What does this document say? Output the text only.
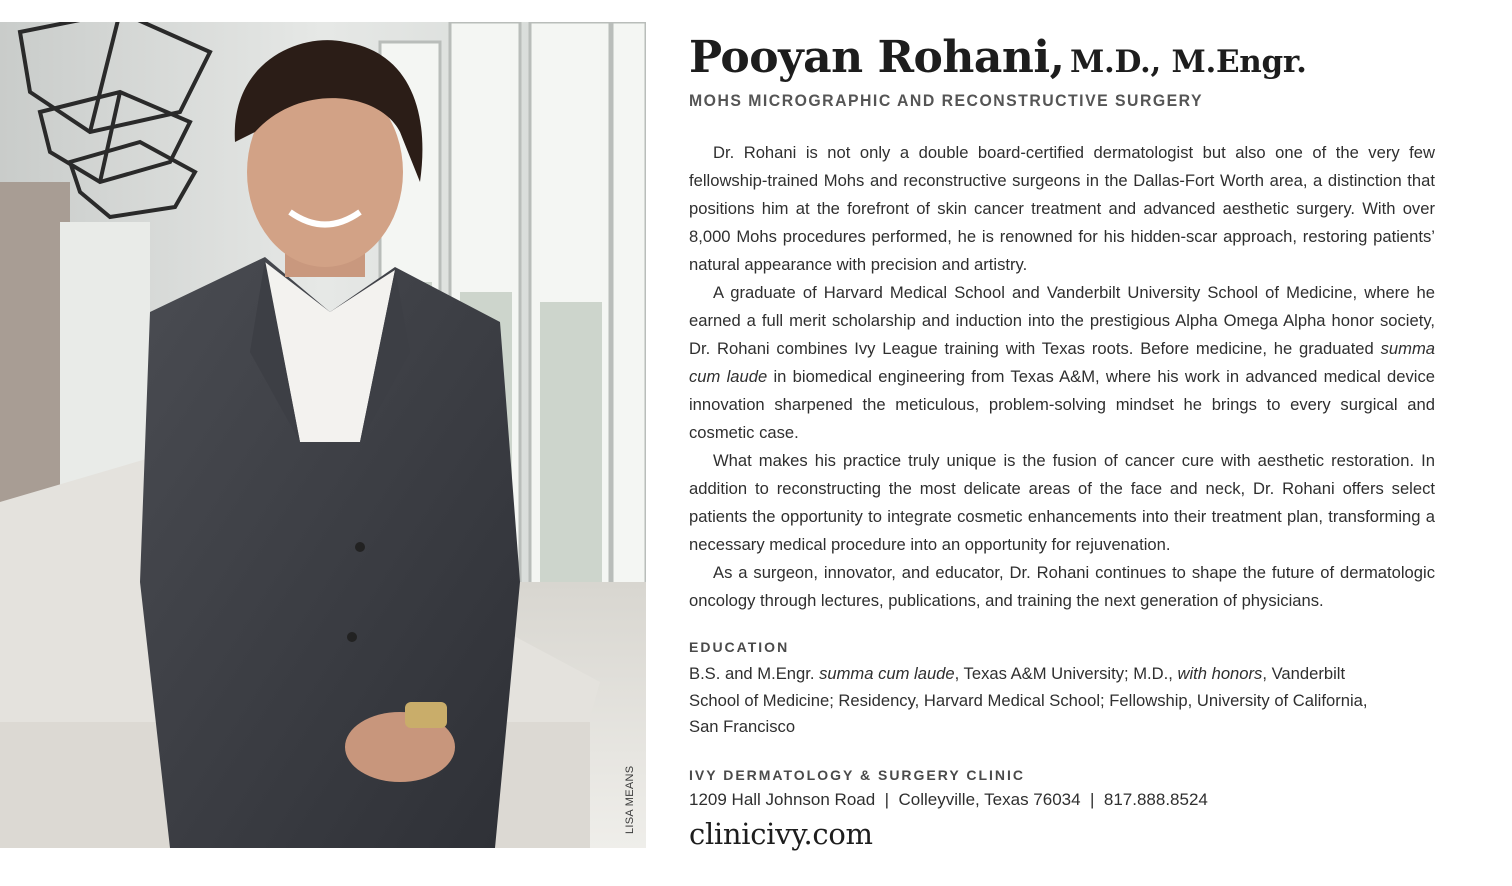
LISA MEANS
Pooyan Rohani, M.D., M.Engr.
MOHS MICROGRAPHIC AND RECONSTRUCTIVE SURGERY

Dr. Rohani is not only a double board-certified dermatologist but also one of the very few fellowship-trained Mohs and reconstructive surgeons in the Dallas-Fort Worth area, a distinction that positions him at the forefront of skin cancer treatment and advanced aesthetic surgery. With over 8,000 Mohs procedures performed, he is renowned for his hidden-scar approach, restoring patients’ natural appearance with precision and artistry.

A graduate of Harvard Medical School and Vanderbilt University School of Medicine, where he earned a full merit scholarship and induction into the prestigious Alpha Omega Alpha honor society, Dr. Rohani combines Ivy League training with Texas roots. Before medicine, he graduated summa cum laude in biomedical engineering from Texas A&M, where his work in advanced medical device innovation sharpened the meticulous, problem-solving mindset he brings to every surgical and cosmetic case.

What makes his practice truly unique is the fusion of cancer cure with aesthetic restoration. In addition to reconstructing the most delicate areas of the face and neck, Dr. Rohani offers select patients the opportunity to integrate cosmetic enhancements into their treatment plan, transforming a necessary medical procedure into an opportunity for rejuvenation.

As a surgeon, innovator, and educator, Dr. Rohani continues to shape the future of dermatologic oncology through lectures, publications, and training the next generation of physicians.

EDUCATION
B.S. and M.Engr. summa cum laude, Texas A&M University; M.D., with honors, Vanderbilt School of Medicine; Residency, Harvard Medical School; Fellowship, University of California, San Francisco
IVY DERMATOLOGY & SURGERY CLINIC
1209 Hall Johnson Road  |  Colleyville, Texas 76034  |  817.888.8524
clinicivy.com
